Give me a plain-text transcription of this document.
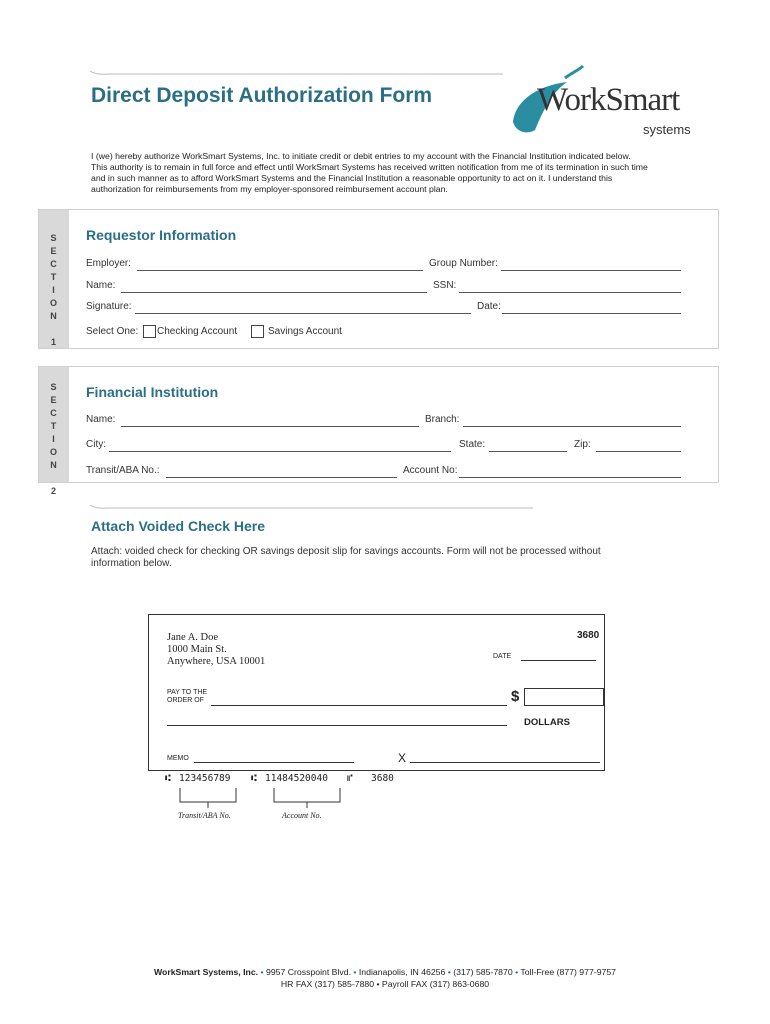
Direct Deposit Authorization Form	WorkSmart
systems
I (we) hereby authorize WorkSmart Systems, Inc. to initiate credit or debit entries to my account with the Financial Institution indicated below.
This authority is to remain in full force and effect until WorkSmart Systems has received written notification from me of its termination in such time
and in such manner as to afford WorkSmart Systems and the Financial Institution a reasonable opportunity to act on it. I understand this
authorization for reimbursements from my employer-sponsored reimbursement account plan.
S
E
C
T
I
O
N

1
Requestor Information
Employer:	Group Number:
Name:	SSN:
Signature:	Date:
Select One: Checking Account	Savings Account
S
E
C
T
I
O
N

2
Financial Institution
Name:	Branch:
City:	State:	Zip:
Transit/ABA No.:	Account No:
Attach Voided Check Here
Attach: voided check for checking OR savings deposit slip for savings accounts. Form will not be processed without
information below.
Jane A. Doe
1000 Main St.
Anywhere, USA 10001
3680
DATE
PAY TO THE
ORDER OF	$
DOLLARS
MEMO	X
⑆ 123456789 ⑆ 11484520040 ⑈ 3680
Transit/ABA No.	Account No.
WorkSmart Systems, Inc. • 9957 Crosspoint Blvd. • Indianapolis, IN 46256 • (317) 585-7870 • Toll-Free (877) 977-9757
HR FAX (317) 585-7880 • Payroll FAX (317) 863-0680
